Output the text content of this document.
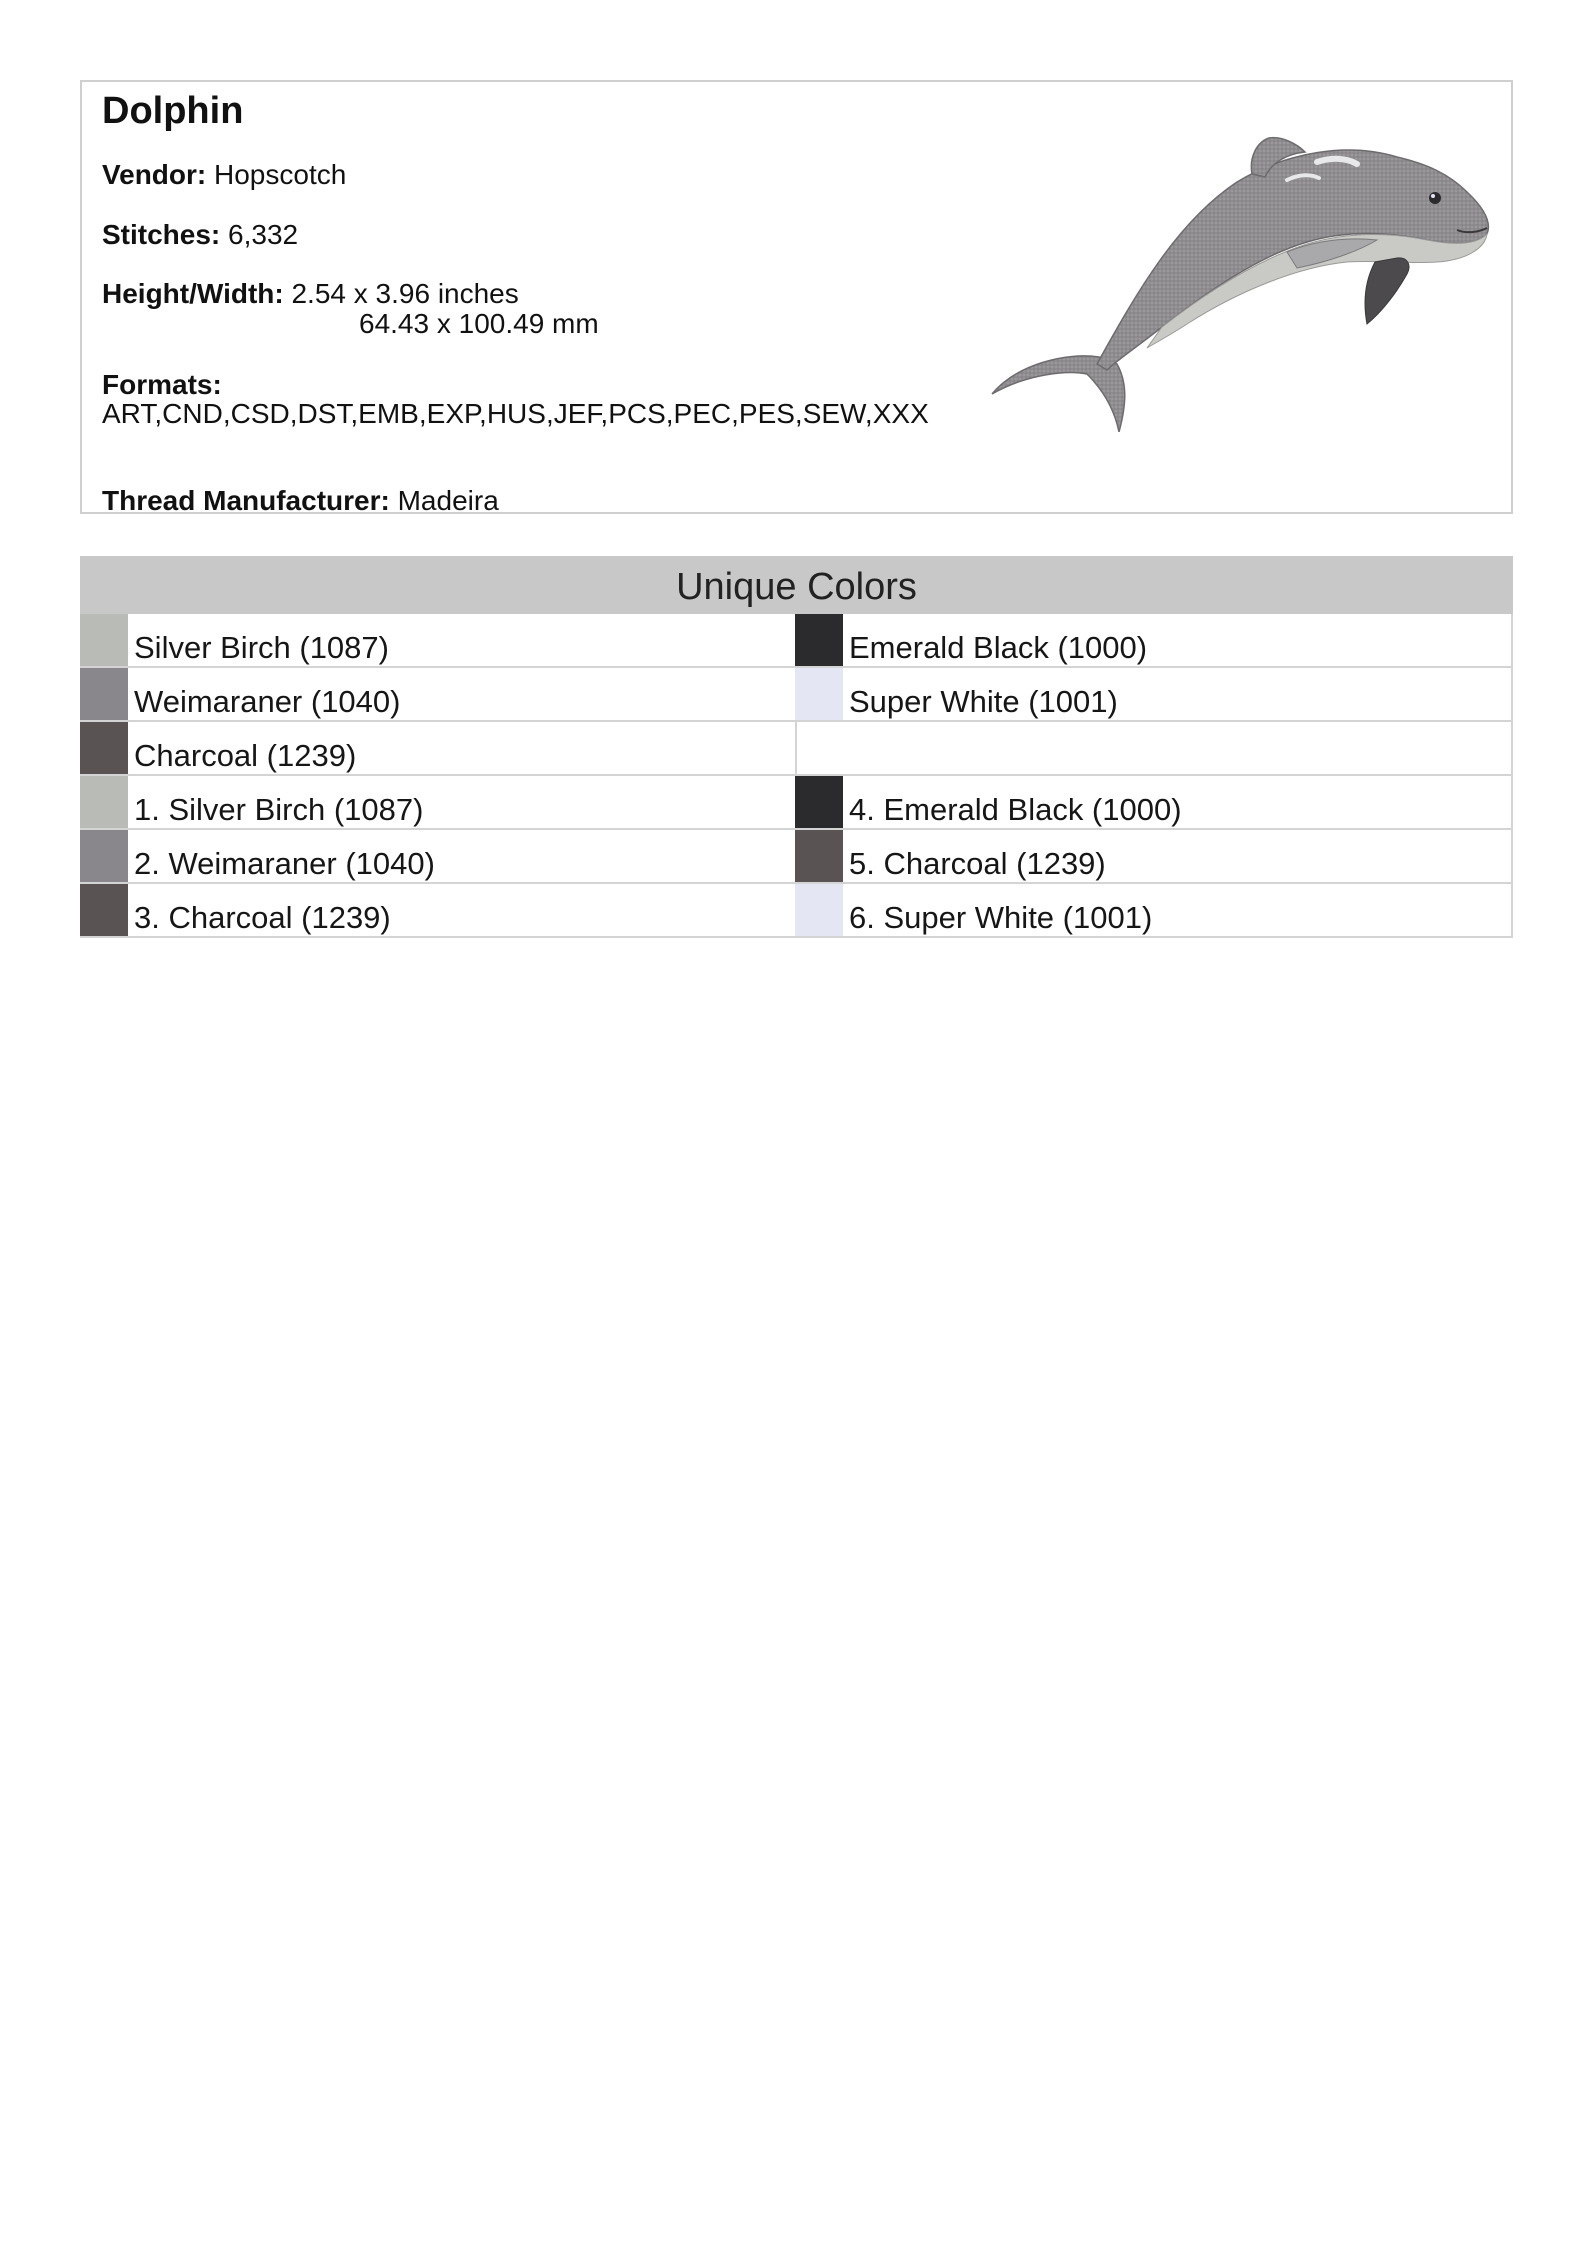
Dolphin
Vendor: Hopscotch
Stitches: 6,332
Height/Width: 2.54 x 3.96 inches
64.43 x 100.49 mm
Formats:
ART,CND,CSD,DST,EMB,EXP,HUS,JEF,PCS,PEC,PES,SEW,XXX
Thread Manufacturer: Madeira
Unique Colors
Silver Birch (1087)	Emerald Black (1000)
Weimaraner (1040)	Super White (1001)
Charcoal (1239)
1. Silver Birch (1087)	4. Emerald Black (1000)
2. Weimaraner (1040)	5. Charcoal (1239)
3. Charcoal (1239)	6. Super White (1001)
